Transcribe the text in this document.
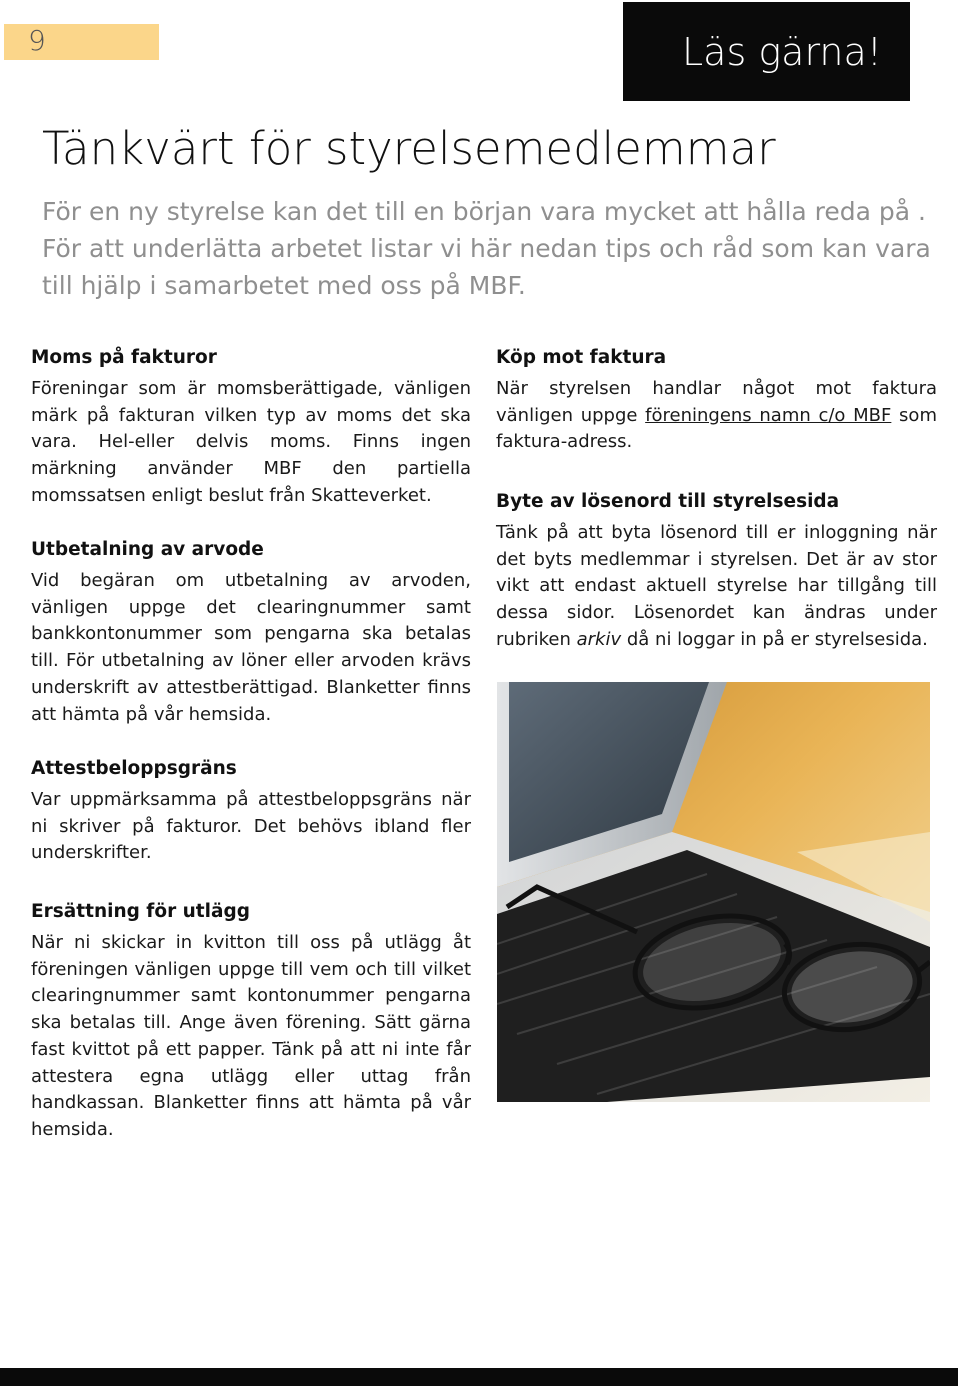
9	Läs gärna!
Tänkvärt för styrelsemedlemmar

För en ny styrelse kan det till en början vara mycket att hålla reda på . För att underlätta arbetet listar vi här nedan tips och råd som kan vara till hjälp i samarbetet med oss på MBF.

Moms på fakturor

Föreningar som är momsberättigade, vänligen märk på fakturan vilken typ av moms det ska vara. Hel-eller delvis moms. Finns ingen märkning använder MBF den partiella momssatsen enligt beslut från Skatteverket.

Utbetalning av arvode

Vid begäran om utbetalning av arvoden, vänligen uppge det clearingnummer samt bankkontonummer som pengarna ska betalas till. För utbetalning av löner eller arvoden krävs underskrift av attestberättigad. Blanketter finns att hämta på vår hemsida.

Attestbeloppsgräns

Var uppmärksamma på attestbeloppsgräns när ni skriver på fakturor. Det behövs ibland fler underskrifter.

Ersättning för utlägg

När ni skickar in kvitton till oss på utlägg åt föreningen vänligen uppge till vem och till vilket clearingnummer samt kontonummer pengarna ska betalas till. Ange även förening. Sätt gärna fast kvittot på ett papper. Tänk på att ni inte får attestera egna utlägg eller uttag från handkassan. Blanketter finns att hämta på vår hemsida.

Köp mot faktura

När styrelsen handlar något mot faktura vänligen uppge föreningens namn c/o MBF som faktura-adress.

Byte av lösenord till styrelsesida

Tänk på att byta lösenord till er inloggning när det byts medlemmar i styrelsen. Det är av stor vikt att endast aktuell styrelse har tillgång till dessa sidor. Lösenordet kan ändras under rubriken arkiv då ni loggar in på er styrelsesida.
